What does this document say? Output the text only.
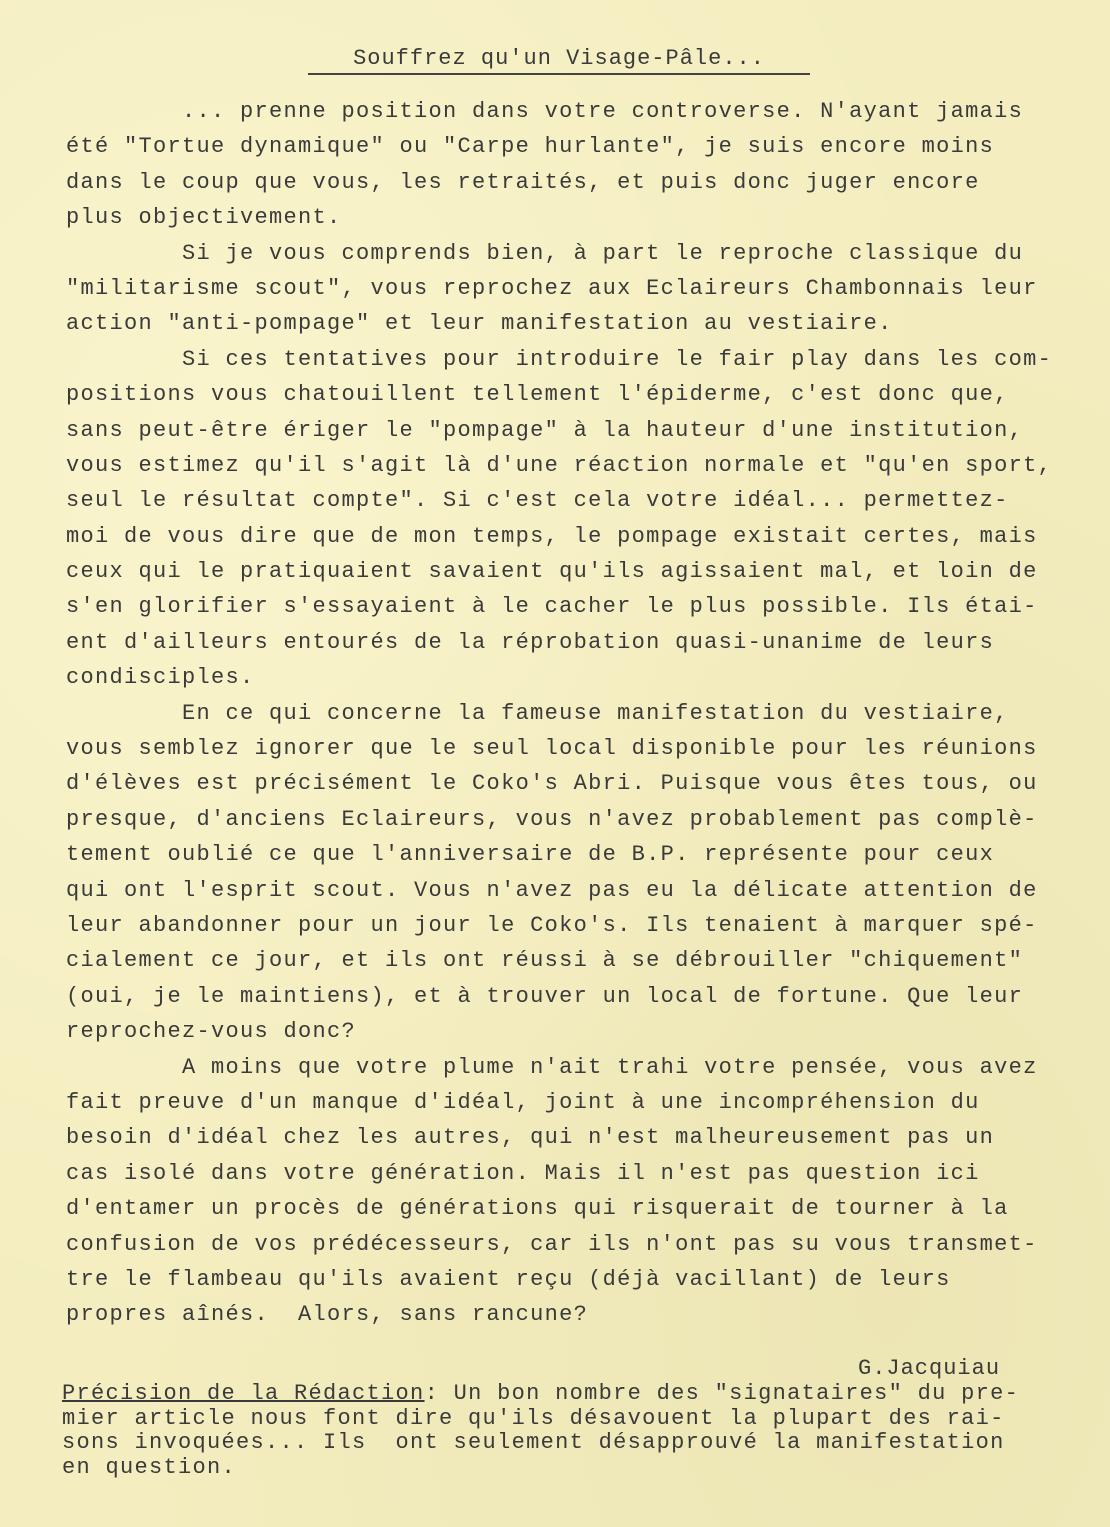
Souffrez qu'un Visage-Pâle...
... prenne position dans votre controverse. N'ayant jamais
été "Tortue dynamique" ou "Carpe hurlante", je suis encore moins
dans le coup que vous, les retraités, et puis donc juger encore
plus objectivement.
Si je vous comprends bien, à part le reproche classique du
"militarisme scout", vous reprochez aux Eclaireurs Chambonnais leur
action "anti-pompage" et leur manifestation au vestiaire.
Si ces tentatives pour introduire le fair play dans les com-
positions vous chatouillent tellement l'épiderme, c'est donc que,
sans peut-être ériger le "pompage" à la hauteur d'une institution,
vous estimez qu'il s'agit là d'une réaction normale et "qu'en sport,
seul le résultat compte". Si c'est cela votre idéal... permettez-
moi de vous dire que de mon temps, le pompage existait certes, mais
ceux qui le pratiquaient savaient qu'ils agissaient mal, et loin de
s'en glorifier s'essayaient à le cacher le plus possible. Ils étai-
ent d'ailleurs entourés de la réprobation quasi-unanime de leurs
condisciples.
En ce qui concerne la fameuse manifestation du vestiaire,
vous semblez ignorer que le seul local disponible pour les réunions
d'élèves est précisément le Coko's Abri. Puisque vous êtes tous, ou
presque, d'anciens Eclaireurs, vous n'avez probablement pas complè-
tement oublié ce que l'anniversaire de B.P. représente pour ceux
qui ont l'esprit scout. Vous n'avez pas eu la délicate attention de
leur abandonner pour un jour le Coko's. Ils tenaient à marquer spé-
cialement ce jour, et ils ont réussi à se débrouiller "chiquement"
(oui, je le maintiens), et à trouver un local de fortune. Que leur
reprochez-vous donc?
A moins que votre plume n'ait trahi votre pensée, vous avez
fait preuve d'un manque d'idéal, joint à une incompréhension du
besoin d'idéal chez les autres, qui n'est malheureusement pas un
cas isolé dans votre génération. Mais il n'est pas question ici
d'entamer un procès de générations qui risquerait de tourner à la
confusion de vos prédécesseurs, car ils n'ont pas su vous transmet-
tre le flambeau qu'ils avaient reçu (déjà vacillant) de leurs
propres aînés.  Alors, sans rancune?
G.Jacquiau
Précision de la Rédaction: Un bon nombre des "signataires" du pre-
mier article nous font dire qu'ils désavouent la plupart des rai-
sons invoquées... Ils  ont seulement désapprouvé la manifestation
en question.
